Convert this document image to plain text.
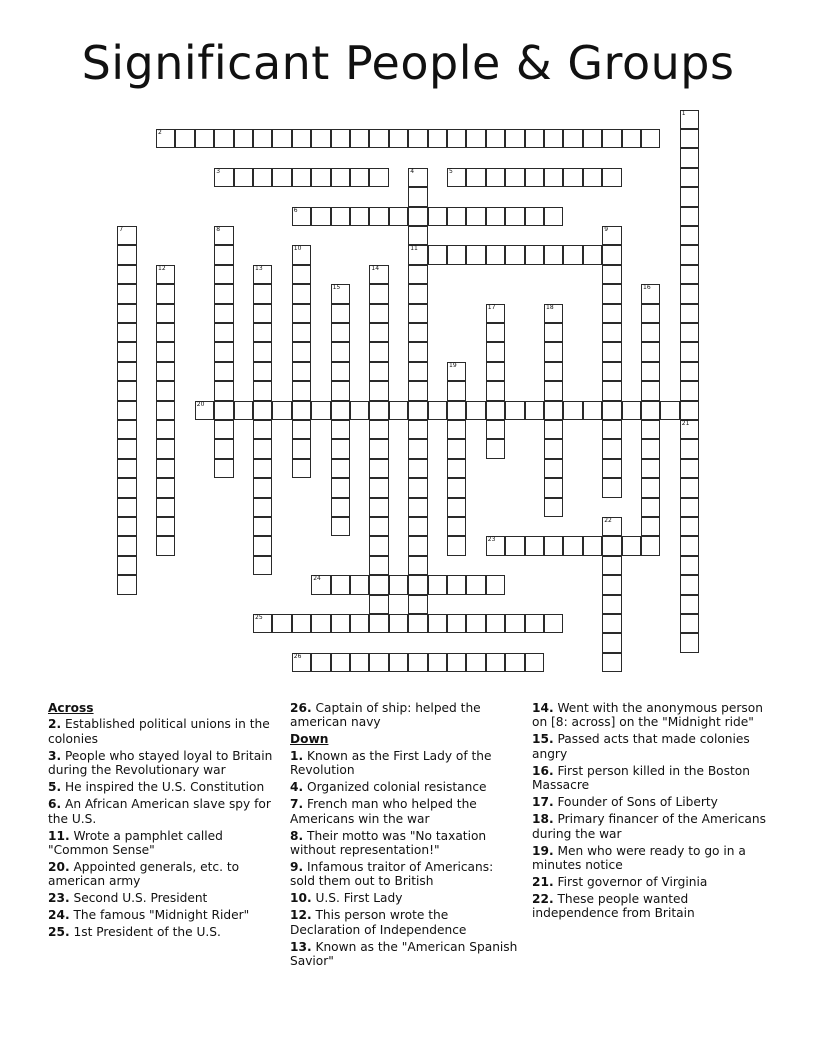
Significant People & Groups
2
3	5
6
11
20
23
24
25
26
1
21
4
7	8	9
10
12	13	14
15	16
17	18
19
22
Across
2. Established political unions in the colonies
3. People who stayed loyal to Britain during the Revolutionary war
5. He inspired the U.S. Constitution
6. An African American slave spy for the U.S.
11. Wrote a pamphlet called "Common Sense"
20. Appointed generals, etc. to american army
23. Second U.S. President
24. The famous "Midnight Rider"
25. 1st President of the U.S.
26. Captain of ship: helped the american navy
Down
1. Known as the First Lady of the Revolution
4. Organized colonial resistance
7. French man who helped the Americans win the war
8. Their motto was "No taxation without representation!"
9. Infamous traitor of Americans: sold them out to British
10. U.S. First Lady
12. This person wrote the Declaration of Independence
13. Known as the "American Spanish Savior"
14. Went with the anonymous person on [8: across] on the "Midnight ride"
15. Passed acts that made colonies angry
16. First person killed in the Boston Massacre
17. Founder of Sons of Liberty
18. Primary financer of the Americans during the war
19. Men who were ready to go in a minutes notice
21. First governor of Virginia
22. These people wanted independence from Britain
